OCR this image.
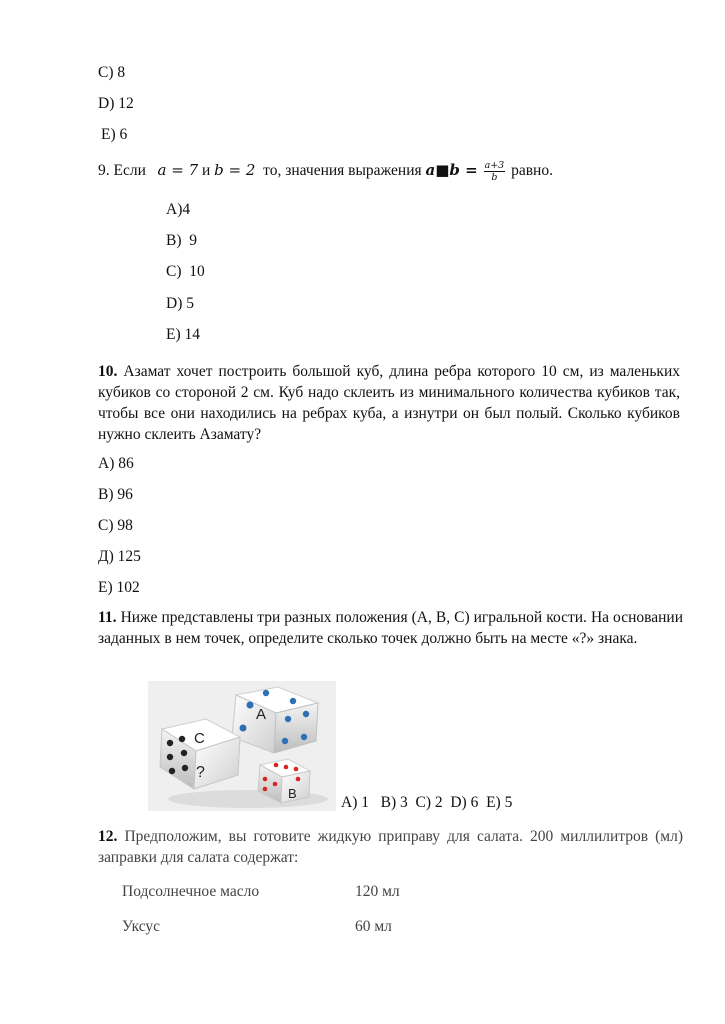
C) 8
D) 12
E) 6
9. Если a = 7 и b = 2 то, значения выражения a■b = $\frac{a+3}{b}$ равно.
A)4
B)  9
C)  10
D) 5
E) 14
10. Азамат хочет построить большой куб, длина ребра которого 10 см, из маленьких кубиков со стороной 2 см. Куб надо склеить из минимального количества кубиков так, чтобы все они находились на ребрах куба, а изнутри он был полый. Сколько кубиков нужно склеить Азамату?
A) 86
B) 96
C) 98
Д) 125
E) 102
11. Ниже представлены три разных положения (A, B, C) игральной кости. На основании заданных в нем точек, определите сколько точек должно быть на месте «?» знака.
A
C
?
B
A) 1   B) 3  C) 2  D) 6  E) 5
12. Предположим, вы готовите жидкую приправу для салата. 200 миллилитров (мл) заправки для салата содержат:
Подсолнечное масло	120 мл
Уксус	60 мл
